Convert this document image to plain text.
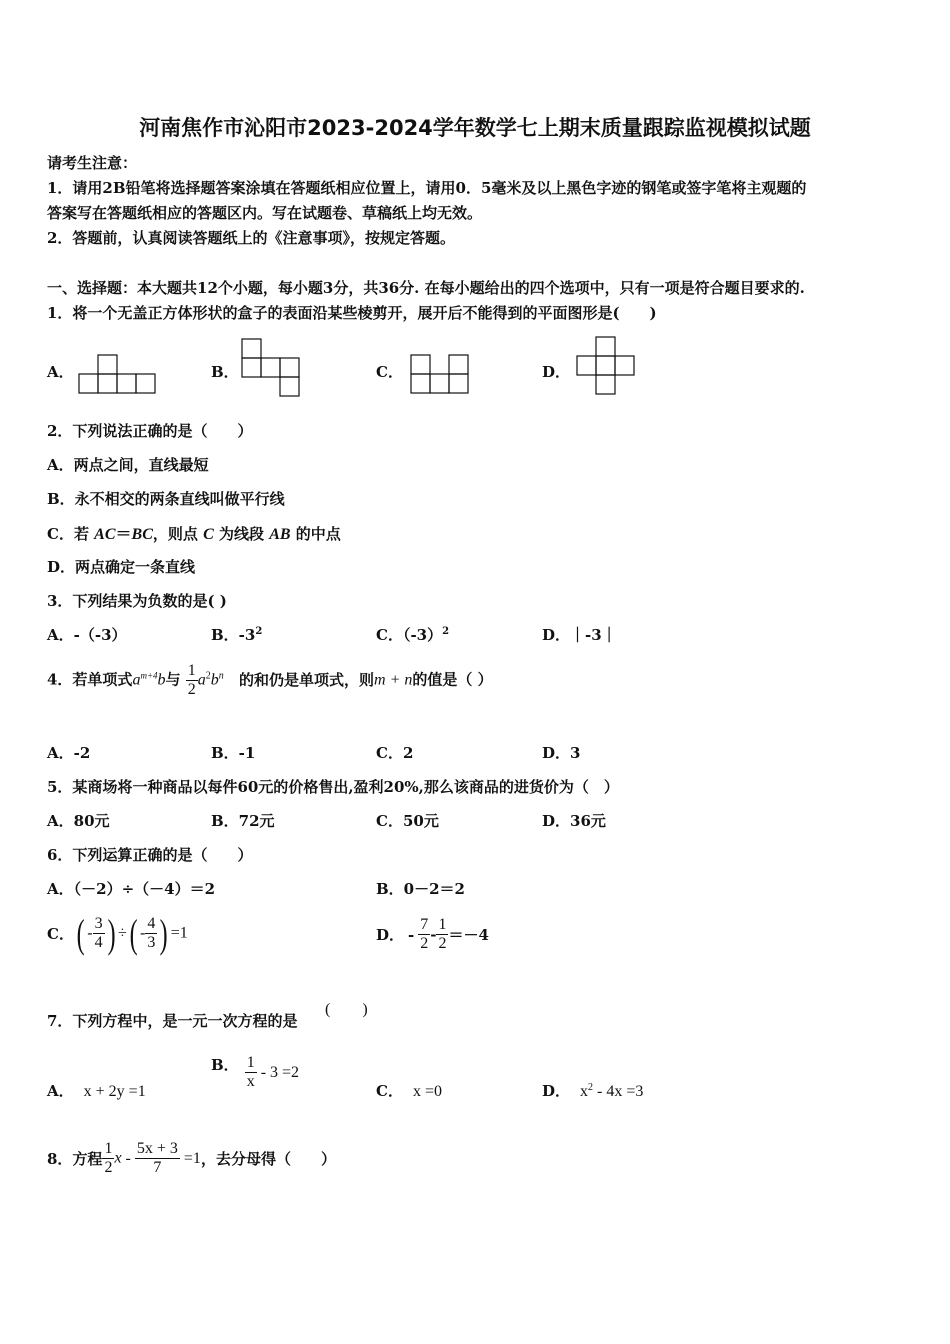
河南焦作市沁阳市2023-2024学年数学七上期末质量跟踪监视模拟试题
请考生注意：
1．请用2B铅笔将选择题答案涂填在答题纸相应位置上，请用0．5毫米及以上黑色字迹的钢笔或签字笔将主观题的
答案写在答题纸相应的答题区内。写在试题卷、草稿纸上均无效。
2．答题前，认真阅读答题纸上的《注意事项》，按规定答题。
一、选择题：本大题共12个小题，每小题3分，共36分. 在每小题给出的四个选项中，只有一项是符合题目要求的.
1．将一个无盖正方体形状的盒子的表面沿某些棱剪开，展开后不能得到的平面图形是(　　)
A．	B．	C．	D．
2．下列说法正确的是（　　）
A．两点之间，直线最短
B．永不相交的两条直线叫做平行线
C．若 AC＝BC，则点 C 为线段 AB 的中点
D．两点确定一条直线
3．下列结果为负数的是( )
A．-（-3）	B．$-3^2$	C．$(-3)^2$	D．｜-3｜
4．若单项式$a^{m+4}b$与 $\frac{1}{2} a^2b^n$ 的和仍是单项式，则m + n的值是（ ）
A．-2	B．-1	C．2	D．3
5．某商场将一种商品以每件60元的价格售出,盈利20%,那么该商品的进货价为（　）
A．80元	B．72元	C．50元	D．36元
6．下列运算正确的是（　　）
A．（－2）÷（－4）＝2	B．0－2＝2
C．( - $\frac{3}{4}$ ) ÷( - $\frac{4}{3}$ ) =1	D． - $\frac{7}{2} - \frac{1}{2} =-4$
7．下列方程中，是一元一次方程的是
(　　)
A． x + 2y =1
B． $\frac{1}{x} - 3 =2$
C． x =0	D． $x^2 - 4x =3$
8．方程 $\frac{1}{2}$ $x - \frac{5x + 3}{7} =1$，去分母得（　　）
